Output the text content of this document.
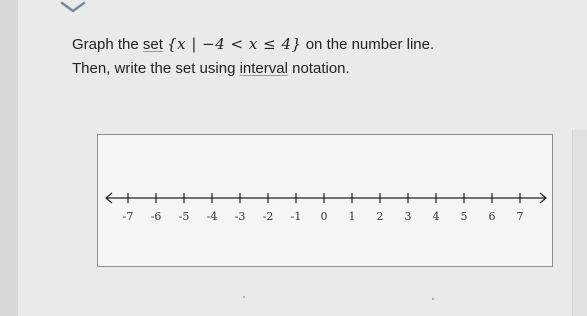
Graph the set {x | −4 < x ≤ 4} on the number line.
Then, write the set using interval notation.
-7 -6 -5 -4 -3 -2 -1 0 1 2 3 4 5 6 7
